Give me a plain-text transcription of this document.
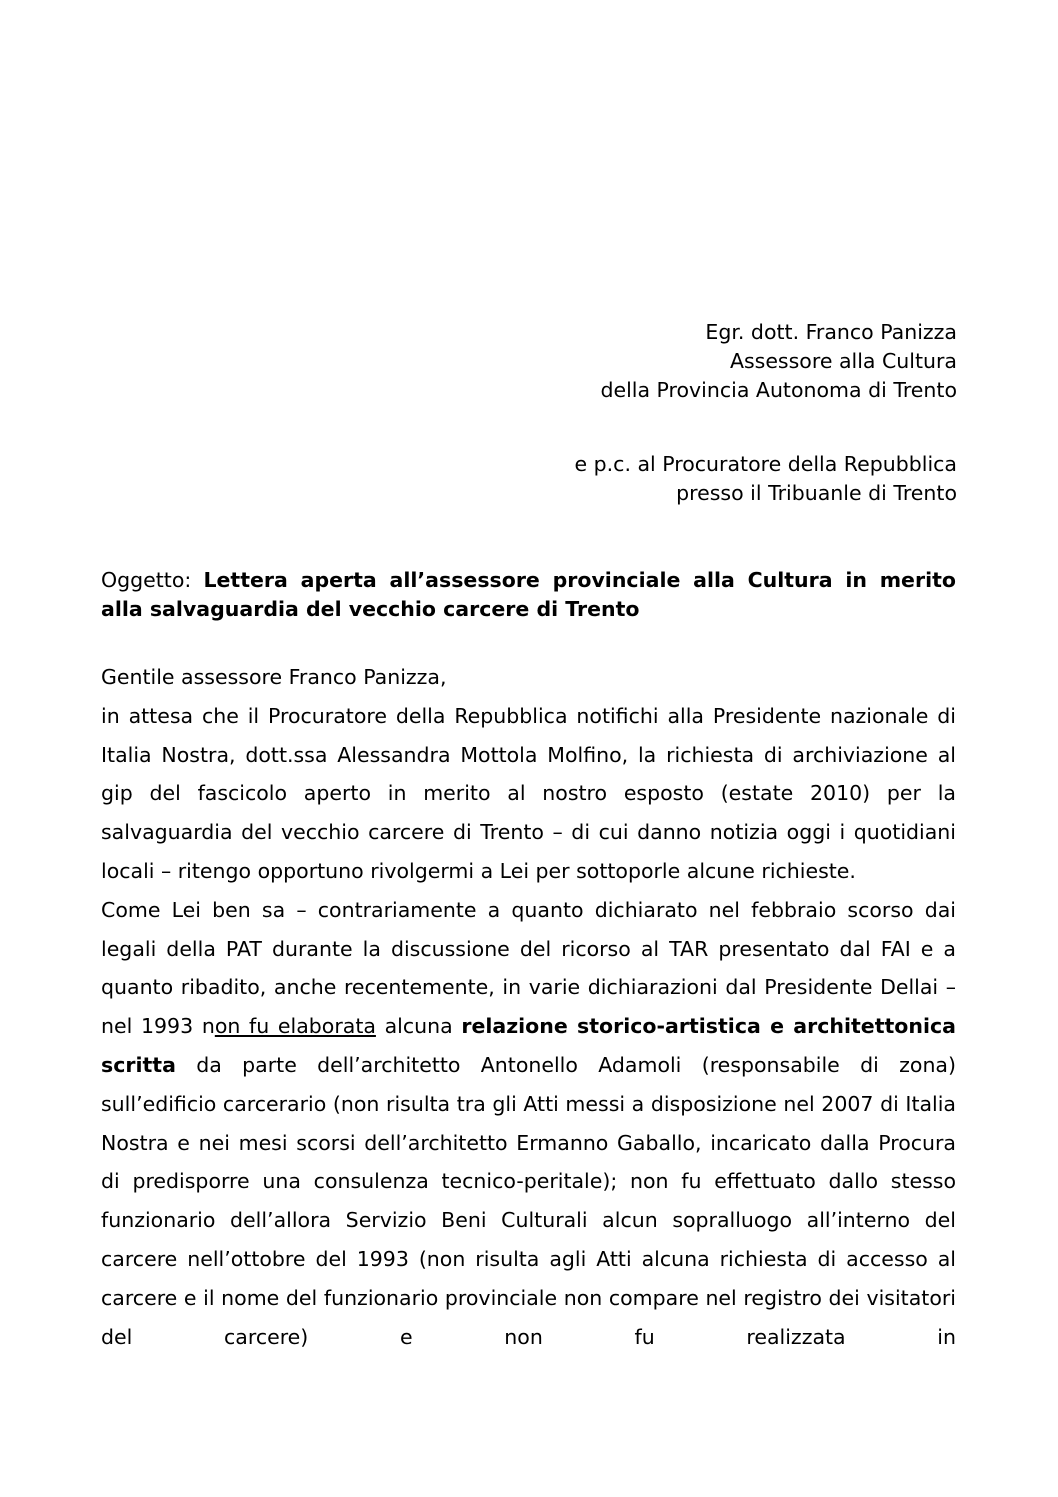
Egr. dott. Franco Panizza
Assessore alla Cultura
della Provincia Autonoma di Trento
e p.c. al Procuratore della Repubblica
presso il Tribuanle di Trento
Oggetto: Lettera aperta all’assessore provinciale alla Cultura in merito alla salvaguardia del vecchio carcere di Trento
Gentile assessore Franco Panizza,
in attesa che il Procuratore della Repubblica notifichi alla Presidente nazionale di Italia Nostra, dott.ssa Alessandra Mottola Molfino, la richiesta di archiviazione al gip del fascicolo aperto in merito al nostro esposto (estate 2010) per la salvaguardia del vecchio carcere di Trento – di cui danno notizia oggi i quotidiani locali – ritengo opportuno rivolgermi a Lei per sottoporle alcune richieste.
Come Lei ben sa – contrariamente a quanto dichiarato nel febbraio scorso dai legali della PAT durante la discussione del ricorso al TAR presentato dal FAI e a quanto ribadito, anche recentemente, in varie dichiarazioni dal Presidente Dellai – nel 1993 non fu elaborata alcuna relazione storico-artistica e architettonica scritta da parte dell’architetto Antonello Adamoli (responsabile di zona) sull’edificio carcerario (non risulta tra gli Atti messi a disposizione nel 2007 di Italia Nostra e nei mesi scorsi dell’architetto Ermanno Gaballo, incaricato dalla Procura di predisporre una consulenza tecnico-peritale); non fu effettuato dallo stesso funzionario dell’allora Servizio Beni Culturali alcun sopralluogo all’interno del carcere nell’ottobre del 1993 (non risulta agli Atti alcuna richiesta di accesso al carcere e il nome del funzionario provinciale non compare nel registro dei visitatori del carcere) e non fu realizzata in
